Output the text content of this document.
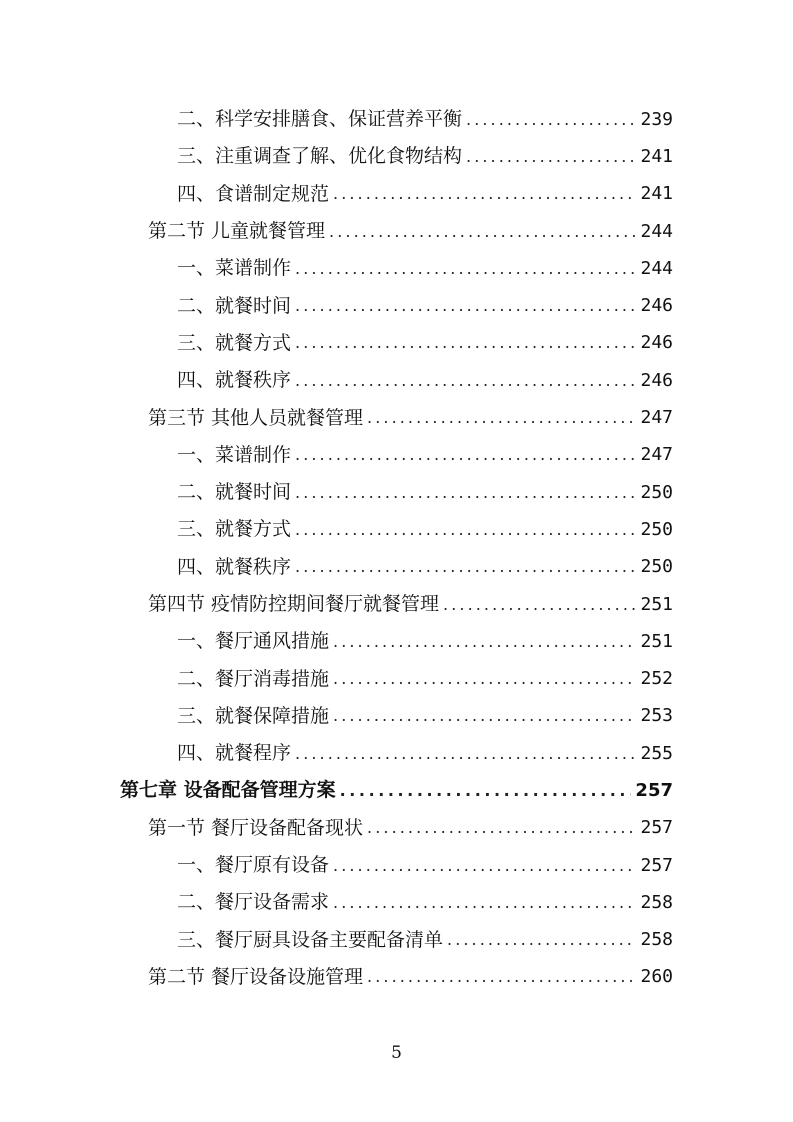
二、科学安排膳食、保证营养平衡 . . .	239
三、注重调查了解、优化食物结构 . . .	241
四、食谱制定规范 . . .	241
第二节 儿童就餐管理 . . .	244
一、菜谱制作 . . .	244
二、就餐时间 . . .	246
三、就餐方式 . . .	246
四、就餐秩序 . . .	246
第三节 其他人员就餐管理 . . .	247
一、菜谱制作 . . .	247
二、就餐时间 . . .	250
三、就餐方式 . . .	250
四、就餐秩序 . . .	250
第四节 疫情防控期间餐厅就餐管理 . . .	251
一、餐厅通风措施 . . .	251
二、餐厅消毒措施 . . .	252
三、就餐保障措施 . . .	253
四、就餐程序 . . .	255
第七章 设备配备管理方案 . . .	257
第一节 餐厅设备配备现状 . . .	257
一、餐厅原有设备 . . .	257
二、餐厅设备需求 . . .	258
三、餐厅厨具设备主要配备清单 . . .	258
第二节 餐厅设备设施管理 . . .	260
5
